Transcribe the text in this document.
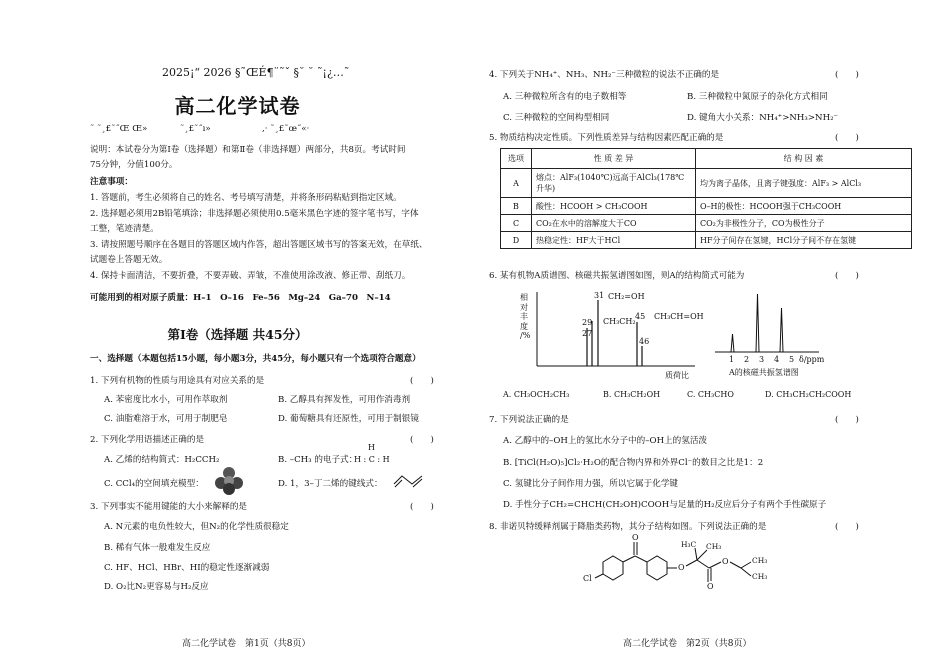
2025¡“ 2026 §˜ŒÉ¶¨˜ˇ §˘ ˘ ˜¡¿…˜
高二化学试卷
˜ ˜¸£˜˝Œ Œ»	˜¸£˜˝ı»	,· ˜¸£˜œ˝«·
说明：本试卷分为第Ⅰ卷（选择题）和第Ⅱ卷（非选择题）两部分，共8页。考试时间
75分钟，分值100分。
注意事项：
1. 答题前，考生必须将自己的姓名、考号填写清楚，并将条形码粘贴到指定区域。
2. 选择题必须用2B铅笔填涂；非选择题必须使用0.5毫米黑色字迹的签字笔书写，字体
工整，笔迹清楚。
3. 请按照题号顺序在各题目的答题区域内作答，超出答题区域书写的答案无效，在草纸、
试题卷上答题无效。
4. 保持卡面清洁，不要折叠，不要弄破、弄皱，不准使用涂改液、修正带、刮纸刀。
可能用到的相对原子质量：H–1　O–16　Fe–56　Mg–24　Ga–70　N–14
第Ⅰ卷（选择题 共45分）
一、选择题（本题包括15小题，每小题3分，共45分，每小题只有一个选项符合题意）
1. 下列有机物的性质与用途具有对应关系的是	(　　)
A. 苯密度比水小，可用作萃取剂	B. 乙醇具有挥发性，可用作消毒剂
C. 油脂难溶于水，可用于制肥皂	D. 葡萄糖具有还原性，可用于制银镜
2. 下列化学用语描述正确的是	(　　)
A. 乙烯的结构简式：H₂CCH₂	B. –CH₃ 的电子式：
H
H : C : H
C. CCl₄的空间填充模型：	D. 1，3–丁二烯的键线式：
3. 下列事实不能用键能的大小来解释的是	(　　)
A. N元素的电负性较大，但N₂的化学性质很稳定
B. 稀有气体一般难发生反应
C. HF、HCl、HBr、HI的稳定性逐渐减弱
D. O₂比N₂更容易与H₂反应
高二化学试卷　第1页（共8页）
4. 下列关于NH₄⁺、NH₃、NH₂⁻三种微粒的说法不正确的是	(　　)
A. 三种微粒所含有的电子数相等	B. 三种微粒中氮原子的杂化方式相同
C. 三种微粒的空间构型相同	D. 键角大小关系：NH₄⁺>NH₃>NH₂⁻
5. 物质结构决定性质。下列性质差异与结构因素匹配正确的是	(　　)
选项	性 质 差 异	结 构 因 素
A	熔点：AlF₃(1040℃)远高于AlCl₃(178℃升华)	均为离子晶体，且离子键强度：AlF₃ > AlCl₃
B	酸性：HCOOH > CH₃COOH	O–H的极性：HCOOH强于CH₃COOH
C	CO₂在水中的溶解度大于CO	CO₂为非极性分子，CO为极性分子
D	热稳定性：HF大于HCl	HF分子间存在氢键，HCl分子间不存在氢键
6. 某有机物A质谱图、核磁共振氢谱图如图，则A的结构简式可能为	(　　)
相
对
丰
度
/%
31 CH₂=OH
29
27
CH₃CH₂
45 CH₃CH=OH
46
质荷比
1 2 3 4 5 δ/ppm
A的核磁共振氢谱图
A. CH₃OCH₂CH₃	B. CH₃CH₂OH	C. CH₃CHO	D. CH₃CH₂CH₂COOH
7. 下列说法正确的是	(　　)
A. 乙醇中的–OH上的氢比水分子中的–OH上的氢活泼
B. [TiCl(H₂O)₅]Cl₂·H₂O的配合物内界和外界Cl⁻的数目之比是1：2
C. 氢键比分子间作用力强，所以它属于化学键
D. 手性分子CH₂=CHCH(CH₂OH)COOH与足量的H₂反应后分子有两个手性碳原子
8. 非诺贝特缓释剂属于降脂类药物，其分子结构如图。下列说法正确的是	(　　)
O
Cl
O
H₃C CH₃
O
O	CH₃
CH₃
高二化学试卷　第2页（共8页）
